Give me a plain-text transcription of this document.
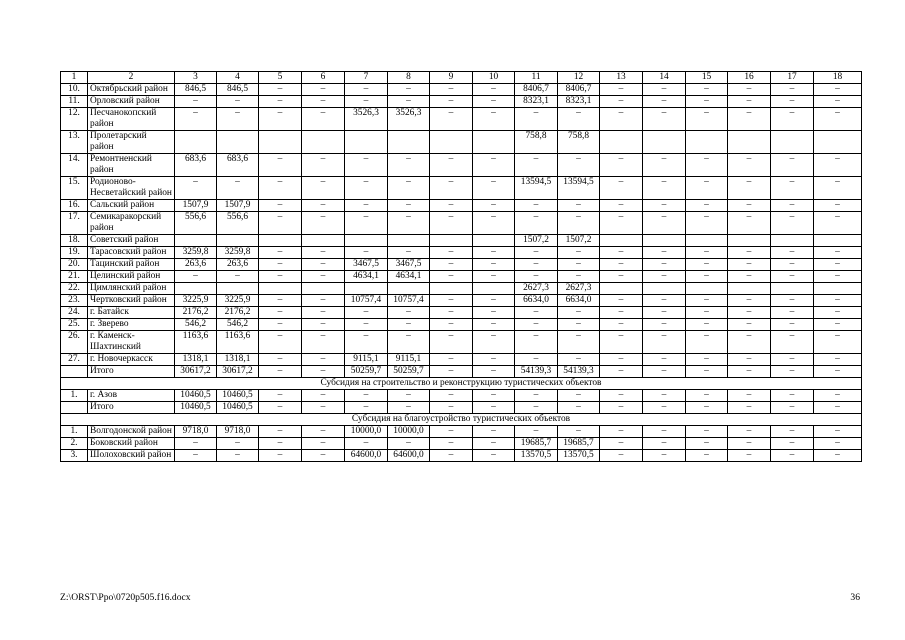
1	2	3	4	5	6	7	8	9	10	11	12	13	14	15	16	17	18
10.	Октябрьский район	846,5	846,5	–	–	–	–	–	–	8406,7	8406,7	–	–	–	–	–	–
11.	Орловский район	–	–	–	–	–	–	–	–	8323,1	8323,1	–	–	–	–	–	–
12.	Песчанокопский район	–	–	–	–	3526,3	3526,3	–	–	–	–	–	–	–	–	–	–
13.	Пролетарский район									758,8	758,8						
14.	Ремонтненский район	683,6	683,6	–	–	–	–	–	–	–	–	–	–	–	–	–	–
15.	Родионово-Несветайский район	–	–	–	–	–	–	–	–	13594,5	13594,5	–	–	–	–	–	–
16.	Сальский район	1507,9	1507,9	–	–	–	–	–	–	–	–	–	–	–	–	–	–
17.	Семикаракорский район	556,6	556,6	–	–	–	–	–	–	–	–	–	–	–	–	–	–
18.	Советский район									1507,2	1507,2						
19.	Тарасовский район	3259,8	3259,8	–	–	–	–	–	–	–	–	–	–	–	–	–	–
20.	Тацинский район	263,6	263,6	–	–	3467,5	3467,5	–	–	–	–	–	–	–	–	–	–
21.	Целинский район	–	–	–	–	4634,1	4634,1	–	–	–	–	–	–	–	–	–	–
22.	Цимлянский район									2627,3	2627,3						
23.	Чертковский район	3225,9	3225,9	–	–	10757,4	10757,4	–	–	6634,0	6634,0	–	–	–	–	–	–
24.	г. Батайск	2176,2	2176,2	–	–	–	–	–	–	–	–	–	–	–	–	–	–
25.	г. Зверево	546,2	546,2	–	–	–	–	–	–	–	–	–	–	–	–	–	–
26.	г. Каменск-Шахтинский	1163,6	1163,6	–	–	–	–	–	–	–	–	–	–	–	–	–	–
27.	г. Новочеркасск	1318,1	1318,1	–	–	9115,1	9115,1	–	–	–	–	–	–	–	–	–	–
	Итого	30617,2	30617,2	–	–	50259,7	50259,7	–	–	54139,3	54139,3	–	–	–	–	–	–
Субсидия на строительство и реконструкцию туристических объектов																	
1.	г. Азов	10460,5	10460,5	–	–	–	–	–	–	–	–	–	–	–	–	–	–
	Итого	10460,5	10460,5	–	–	–	–	–	–	–	–	–	–	–	–	–	–
Субсидия на благоустройство туристических объектов																	
1.	Волгодонской район	9718,0	9718,0	–	–	10000,0	10000,0	–	–	–	–	–	–	–	–	–	–
2.	Боковский район	–	–	–	–	–	–	–	–	19685,7	19685,7	–	–	–	–	–	–
3.	Шолоховский район	–	–	–	–	64600,0	64600,0	–	–	13570,5	13570,5	–	–	–	–	–	–
Z:\ORST\Ppo\0720p505.f16.docx	36
